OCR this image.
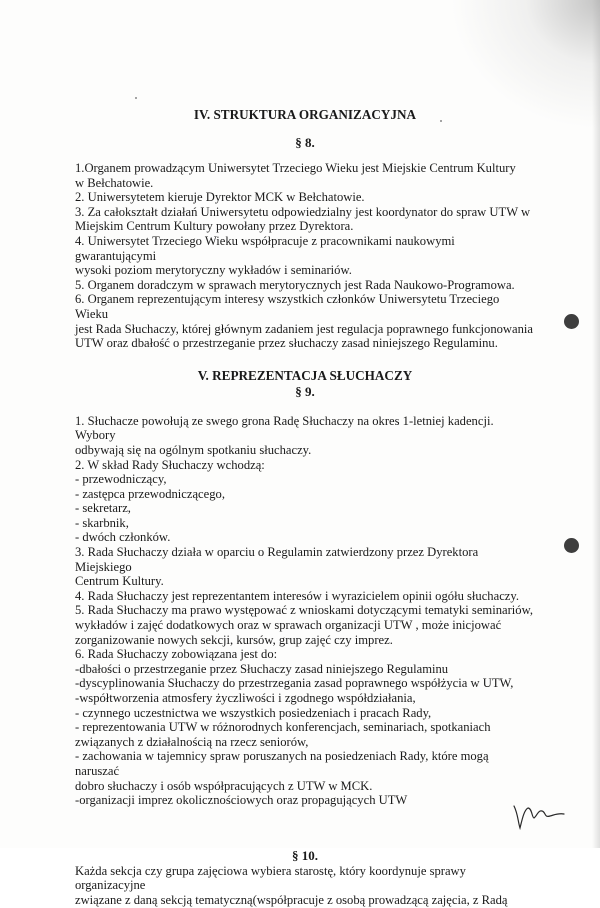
IV. STRUKTURA ORGANIZACYJNA
§ 8.

1.Organem prowadzącym Uniwersytet Trzeciego Wieku jest Miejskie Centrum Kultury

w Bełchatowie.

2. Uniwersytetem kieruje Dyrektor MCK w Bełchatowie.

3. Za całokształt działań Uniwersytetu odpowiedzialny jest koordynator do spraw UTW w

Miejskim Centrum Kultury powołany przez Dyrektora.

4. Uniwersytet Trzeciego Wieku współpracuje z pracownikami naukowymi gwarantującymi

wysoki poziom merytoryczny wykładów i seminariów.

5. Organem doradczym w sprawach merytorycznych jest Rada Naukowo-Programowa.

6. Organem reprezentującym interesy wszystkich członków Uniwersytetu Trzeciego Wieku

jest Rada Słuchaczy, której głównym zadaniem jest regulacja poprawnego funkcjonowania

UTW oraz dbałość o przestrzeganie przez słuchaczy zasad niniejszego Regulaminu.

V. REPREZENTACJA SŁUCHACZY
§ 9.

1. Słuchacze powołują ze swego grona Radę Słuchaczy na okres 1-letniej kadencji. Wybory

odbywają się na ogólnym spotkaniu słuchaczy.

2. W skład Rady Słuchaczy wchodzą:

- przewodniczący,

- zastępca przewodniczącego,

- sekretarz,

- skarbnik,

- dwóch członków.

3. Rada Słuchaczy działa w oparciu o Regulamin zatwierdzony przez Dyrektora Miejskiego

Centrum Kultury.

4. Rada Słuchaczy jest reprezentantem interesów i wyrazicielem opinii ogółu słuchaczy.

5. Rada Słuchaczy ma prawo występować z wnioskami dotyczącymi tematyki seminariów,

wykładów i zajęć dodatkowych oraz w sprawach organizacji UTW , może inicjować

zorganizowanie nowych sekcji, kursów, grup zajęć czy imprez.

6. Rada Słuchaczy zobowiązana jest do:

-dbałości o przestrzeganie przez Słuchaczy zasad niniejszego Regulaminu

-dyscyplinowania Słuchaczy do przestrzegania zasad poprawnego współżycia w UTW,

-współtworzenia atmosfery życzliwości i zgodnego współdziałania,

- czynnego uczestnictwa we wszystkich posiedzeniach i pracach Rady,

- reprezentowania UTW w różnorodnych konferencjach, seminariach, spotkaniach

związanych z działalnością na rzecz seniorów,

- zachowania w tajemnicy spraw poruszanych na posiedzeniach Rady, które mogą naruszać

dobro słuchaczy i osób współpracujących z UTW w MCK.

-organizacji imprez okolicznościowych oraz propagujących UTW

§ 10.

Każda sekcja czy grupa zajęciowa wybiera starostę, który koordynuje sprawy organizacyjne

związane z daną sekcją tematyczną(współpracuje z osobą prowadzącą zajęcia, z Radą
